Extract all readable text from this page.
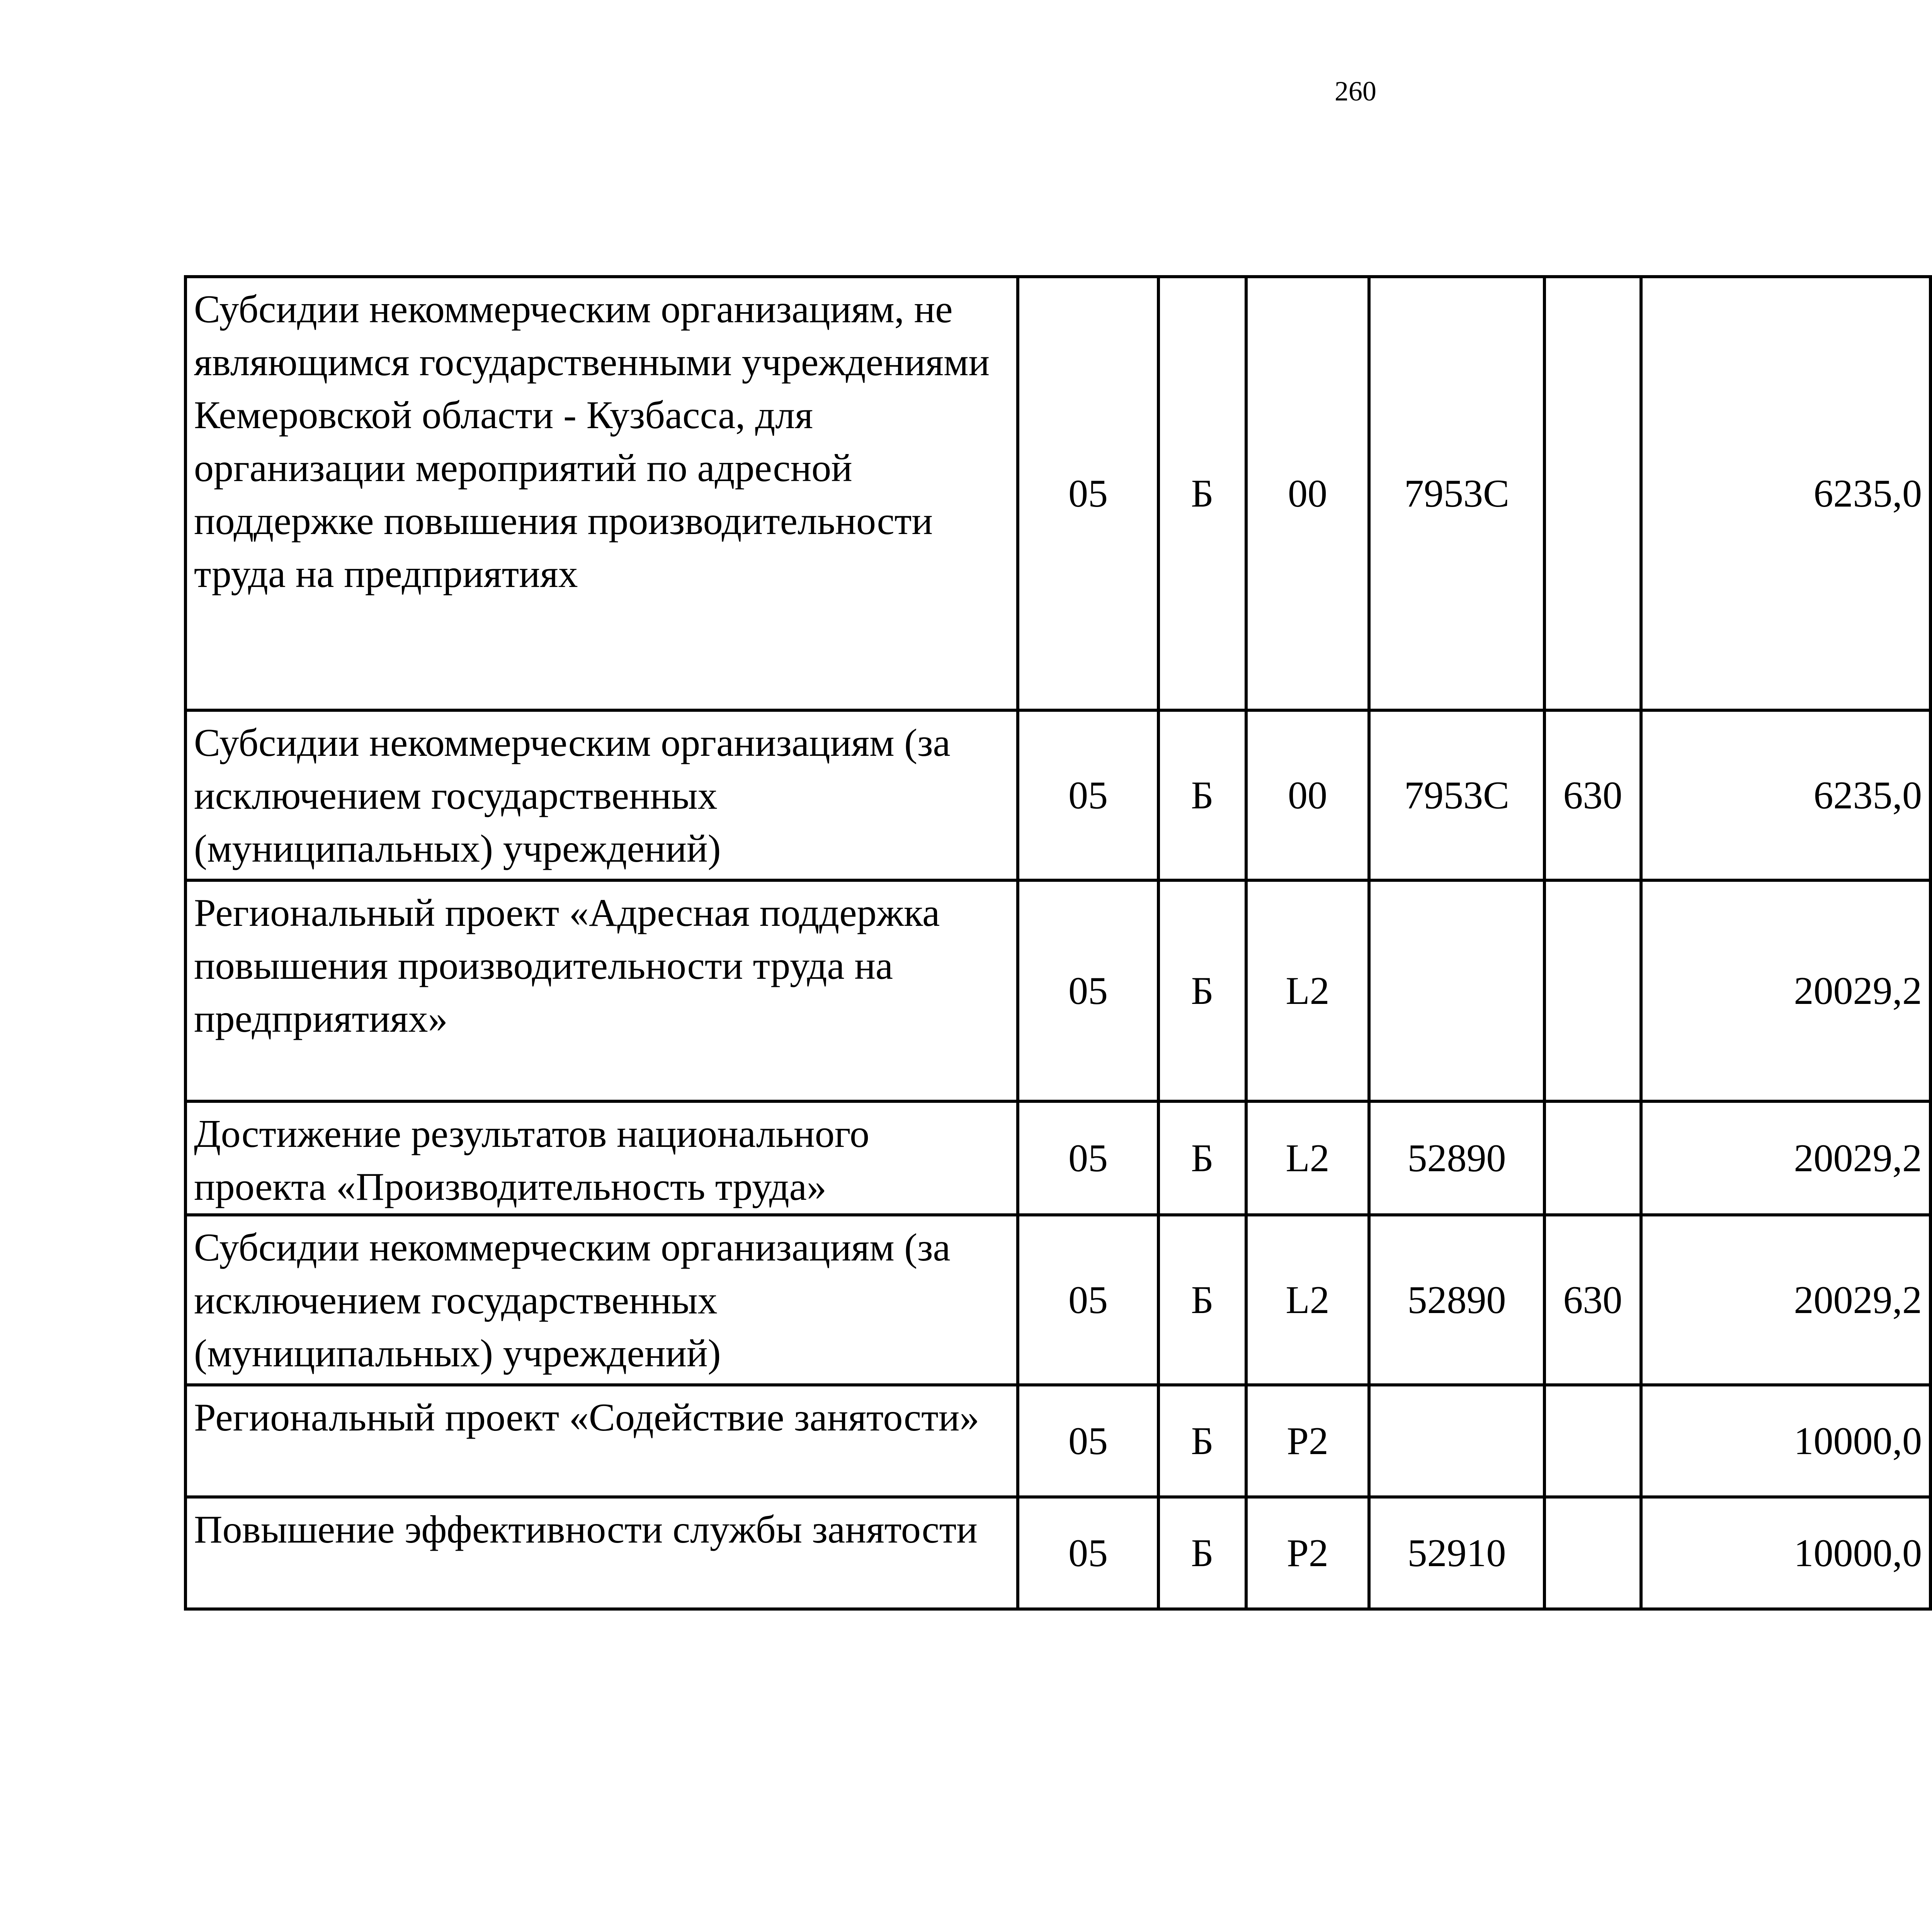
260
Субсидии некоммерческим организациям, не являющимся государственными учреждениями Кемеровской области - Кузбасса, для организации мероприятий по адресной поддержке повышения производительности труда на предприятиях	05	Б	00	7953С		6235,0		
Субсидии некоммерческим организациям (за исключением государственных (муниципальных) учреждений)	05	Б	00	7953С	630	6235,0		
Региональный проект «Адресная поддержка повышения производительности труда на предприятиях»	05	Б	L2			20029,2		
Достижение результатов национального проекта «Производительность труда»	05	Б	L2	52890		20029,2		
Субсидии некоммерческим организациям (за исключением государственных (муниципальных) учреждений)	05	Б	L2	52890	630	20029,2		
Региональный проект «Содействие занятости»	05	Б	Р2			10000,0		
Повышение эффективности службы занятости	05	Б	Р2	52910		10000,0		
